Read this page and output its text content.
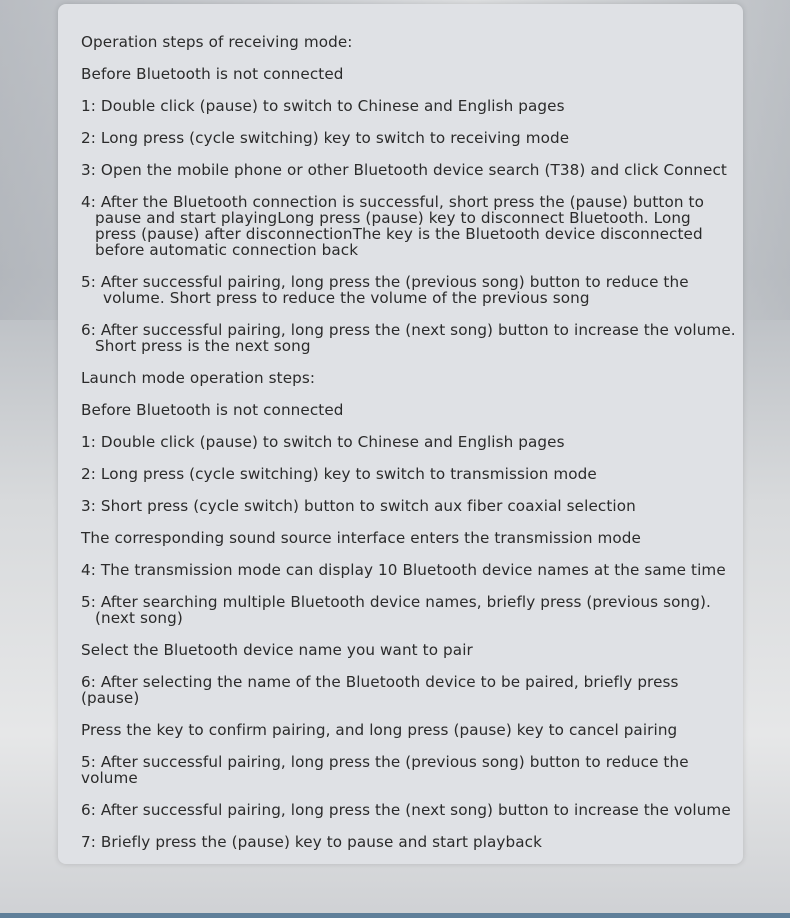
Operation steps of receiving mode:
Before Bluetooth is not connected
1: Double click (pause) to switch to Chinese and English pages
2: Long press (cycle switching) key to switch to receiving mode
3: Open the mobile phone or other Bluetooth device search (T38) and click Connect
4: After the Bluetooth connection is successful, short press the (pause) button to pause and start playingLong press (pause) key to disconnect Bluetooth. Long press (pause) after disconnectionThe key is the Bluetooth device disconnected before automatic connection back
5: After successful pairing, long press the (previous song) button to reduce the volume. Short press to reduce the volume of the previous song
6: After successful pairing, long press the (next song) button to increase the volume. Short press is the next song
Launch mode operation steps:
Before Bluetooth is not connected
1: Double click (pause) to switch to Chinese and English pages
2: Long press (cycle switching) key to switch to transmission mode
3: Short press (cycle switch) button to switch aux fiber coaxial selection
The corresponding sound source interface enters the transmission mode
4: The transmission mode can display 10 Bluetooth device names at the same time
5: After searching multiple Bluetooth device names, briefly press (previous song). (next song)
Select the Bluetooth device name you want to pair
6: After selecting the name of the Bluetooth device to be paired, briefly press (pause)
Press the key to confirm pairing, and long press (pause) key to cancel pairing
5: After successful pairing, long press the (previous song) button to reduce the volume
6: After successful pairing, long press the (next song) button to increase the volume
7: Briefly press the (pause) key to pause and start playback
